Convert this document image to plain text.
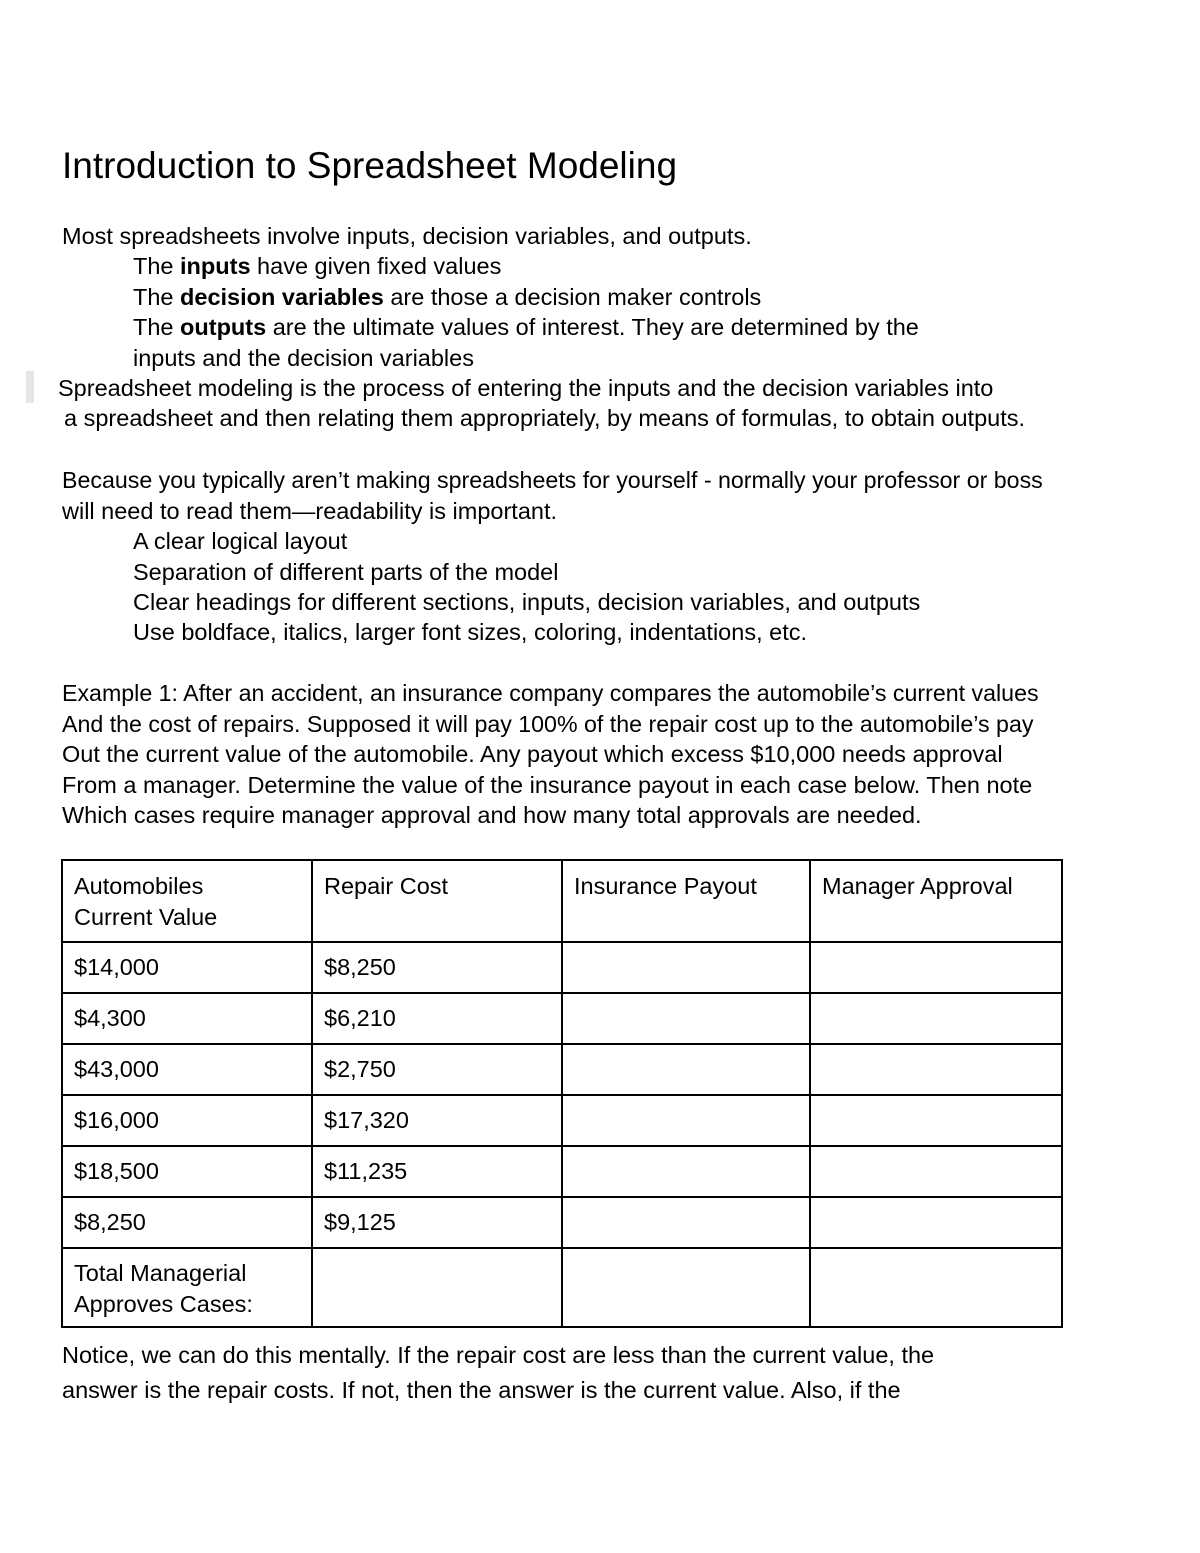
Introduction to Spreadsheet Modeling

Most spreadsheets involve inputs, decision variables, and outputs.

The inputs have given fixed values

The decision variables are those a decision maker controls

The outputs are the ultimate values of interest. They are determined by the

inputs and the decision variables

Spreadsheet modeling is the process of entering the inputs and the decision variables into

a spreadsheet and then relating them appropriately, by means of formulas, to obtain outputs.

Because you typically aren’t making spreadsheets for yourself - normally your professor or boss

will need to read them—readability is important.

A clear logical layout

Separation of different parts of the model

Clear headings for different sections, inputs, decision variables, and outputs

Use boldface, italics, larger font sizes, coloring, indentations, etc.

Example 1: After an accident, an insurance company compares the automobile’s current values

And the cost of repairs. Supposed it will pay 100% of the repair cost up to the automobile’s pay

Out the current value of the automobile. Any payout which excess $10,000 needs approval

From a manager. Determine the value of the insurance payout in each case below. Then note

Which cases require manager approval and how many total approvals are needed.

Automobiles
Current Value	Repair Cost	Insurance Payout	Manager Approval
$14,000	$8,250		
$4,300	$6,210		
$43,000	$2,750		
$16,000	$17,320		
$18,500	$11,235		
$8,250	$9,125		
Total Managerial
Approves Cases:			

Notice, we can do this mentally. If the repair cost are less than the current value, the

answer is the repair costs. If not, then the answer is the current value. Also, if the
